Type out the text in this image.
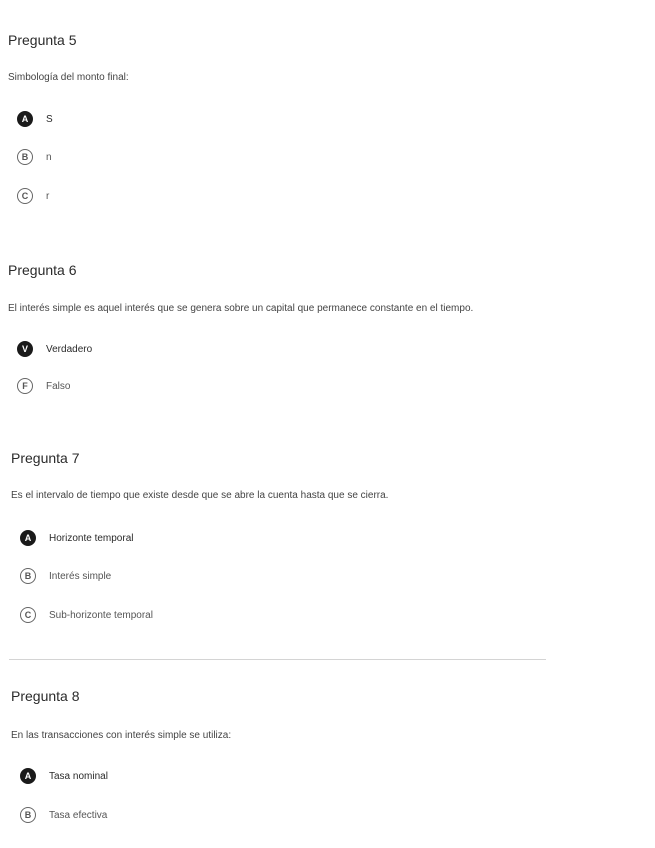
Pregunta 5
Simbología del monto final:
A	S
B	n
C	r
Pregunta 6
El interés simple es aquel interés que se genera sobre un capital que permanece constante en el tiempo.
V	Verdadero
F	Falso
Pregunta 7
Es el intervalo de tiempo que existe desde que se abre la cuenta hasta que se cierra.
A	Horizonte temporal
B	Interés simple
C	Sub-horizonte temporal
Pregunta 8
En las transacciones con interés simple se utiliza:
A	Tasa nominal
B	Tasa efectiva
